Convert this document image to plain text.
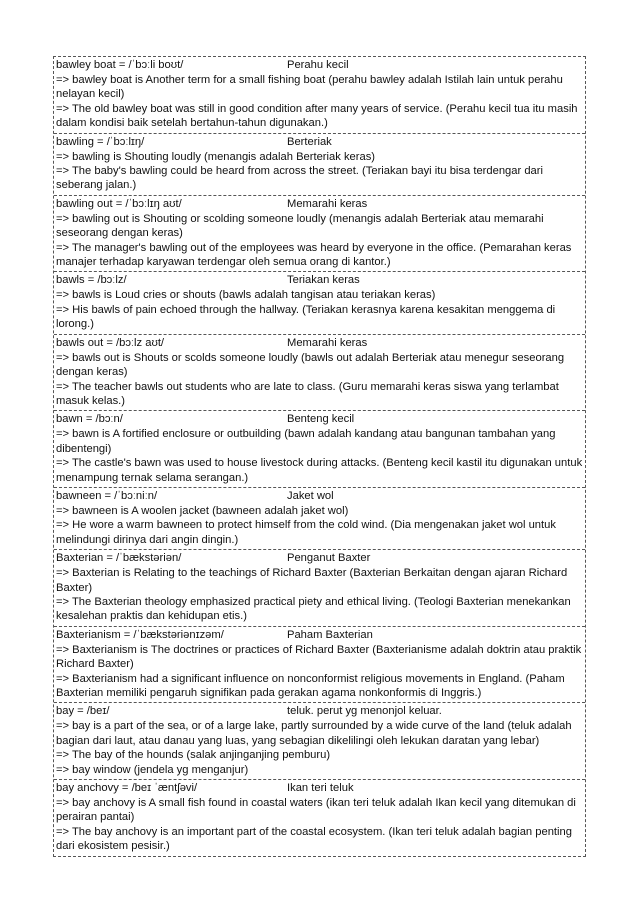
bawley boat = /ˈbɔːli boʊt/	Perahu kecil

=> bawley boat is Another term for a small fishing boat (perahu bawley adalah Istilah lain untuk perahu nelayan kecil)

=> The old bawley boat was still in good condition after many years of service. (Perahu kecil tua itu masih dalam kondisi baik setelah bertahun-tahun digunakan.)

bawling = /ˈbɔːlɪŋ/	Berteriak

=> bawling is Shouting loudly (menangis adalah Berteriak keras)

=> The baby's bawling could be heard from across the street. (Teriakan bayi itu bisa terdengar dari seberang jalan.)

bawling out = /ˈbɔːlɪŋ aʊt/	Memarahi keras

=> bawling out is Shouting or scolding someone loudly (menangis adalah Berteriak atau memarahi seseorang dengan keras)

=> The manager's bawling out of the employees was heard by everyone in the office. (Pemarahan keras manajer terhadap karyawan terdengar oleh semua orang di kantor.)

bawls = /bɔːlz/	Teriakan keras

=> bawls is Loud cries or shouts (bawls adalah tangisan atau teriakan keras)

=> His bawls of pain echoed through the hallway. (Teriakan kerasnya karena kesakitan menggema di lorong.)

bawls out = /bɔːlz aʊt/	Memarahi keras

=> bawls out is Shouts or scolds someone loudly (bawls out adalah Berteriak atau menegur seseorang dengan keras)

=> The teacher bawls out students who are late to class. (Guru memarahi keras siswa yang terlambat masuk kelas.)

bawn = /bɔːn/	Benteng kecil

=> bawn is A fortified enclosure or outbuilding (bawn adalah kandang atau bangunan tambahan yang dibentengi)

=> The castle's bawn was used to house livestock during attacks. (Benteng kecil kastil itu digunakan untuk menampung ternak selama serangan.)

bawneen = /ˈbɔːniːn/	Jaket wol

=> bawneen is A woolen jacket (bawneen adalah jaket wol)

=> He wore a warm bawneen to protect himself from the cold wind. (Dia mengenakan jaket wol untuk melindungi dirinya dari angin dingin.)

Baxterian = /ˈbækstəriən/	Penganut Baxter

=> Baxterian is Relating to the teachings of Richard Baxter (Baxterian Berkaitan dengan ajaran Richard Baxter)

=> The Baxterian theology emphasized practical piety and ethical living. (Teologi Baxterian menekankan kesalehan praktis dan kehidupan etis.)

Baxterianism = /ˈbækstəriənɪzəm/	Paham Baxterian

=> Baxterianism is The doctrines or practices of Richard Baxter (Baxterianisme adalah doktrin atau praktik Richard Baxter)

=> Baxterianism had a significant influence on nonconformist religious movements in England. (Paham Baxterian memiliki pengaruh signifikan pada gerakan agama nonkonformis di Inggris.)

bay = /beɪ/	teluk. perut yg menonjol keluar.

=> bay is a part of the sea, or of a large lake, partly surrounded by a wide curve of the land (teluk adalah bagian dari laut, atau danau yang luas, yang sebagian dikelilingi oleh lekukan daratan yang lebar)

=> The bay of the hounds (salak anjinganjing pemburu)

=> bay window (jendela yg menganjur)

bay anchovy = /beɪ ˈæntʃəvi/	Ikan teri teluk

=> bay anchovy is A small fish found in coastal waters (ikan teri teluk adalah Ikan kecil yang ditemukan di perairan pantai)

=> The bay anchovy is an important part of the coastal ecosystem. (Ikan teri teluk adalah bagian penting dari ekosistem pesisir.)
